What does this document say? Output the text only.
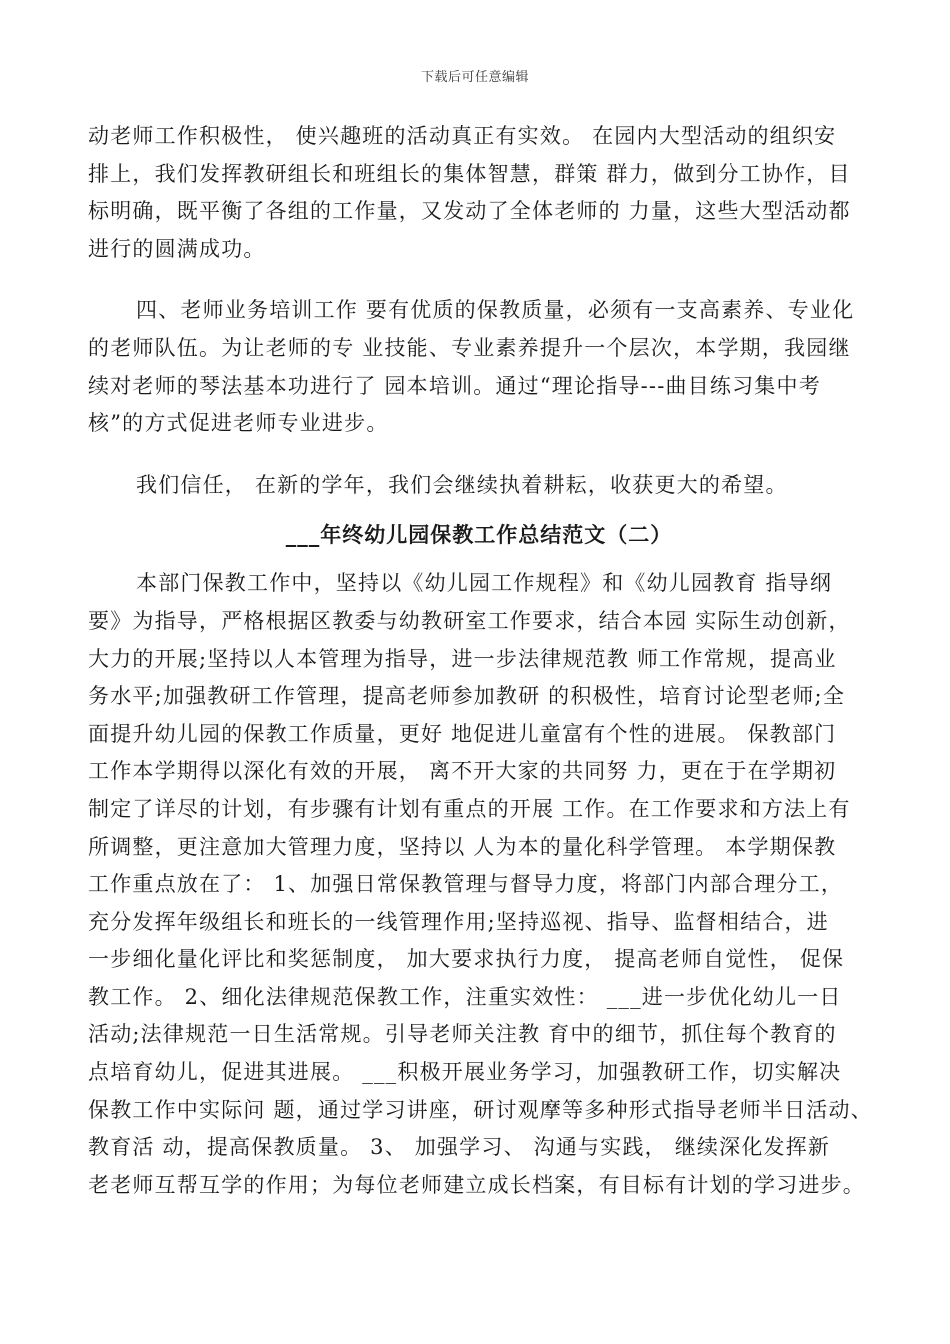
下载后可任意编辑
动老师工作积极性， 使兴趣班的活动真正有实效。 在园内大型活动的组织安
排上，我们发挥教研组长和班组长的集体智慧，群策 群力，做到分工协作，目
标明确，既平衡了各组的工作量，又发动了全体老师的 力量，这些大型活动都
进行的圆满成功。
四、老师业务培训工作 要有优质的保教质量，必须有一支高素养、专业化
的老师队伍。为让老师的专 业技能、专业素养提升一个层次，本学期，我园继
续对老师的琴法基本功进行了 园本培训。通过“理论指导---曲目练习集中考
核”的方式促进老师专业进步。
我们信任， 在新的学年，我们会继续执着耕耘，收获更大的希望。
___年终幼儿园保教工作总结范文（二）
本部门保教工作中，坚持以《幼儿园工作规程》和《幼儿园教育 指导纲
要》为指导，严格根据区教委与幼教研室工作要求，结合本园 实际生动创新，
大力的开展;坚持以人本管理为指导，进一步法律规范教 师工作常规，提高业
务水平;加强教研工作管理，提高老师参加教研 的积极性，培育讨论型老师;全
面提升幼儿园的保教工作质量，更好 地促进儿童富有个性的进展。 保教部门
工作本学期得以深化有效的开展， 离不开大家的共同努 力，更在于在学期初
制定了详尽的计划，有步骤有计划有重点的开展 工作。在工作要求和方法上有
所调整，更注意加大管理力度，坚持以 人为本的量化科学管理。 本学期保教
工作重点放在了： 1、加强日常保教管理与督导力度，将部门内部合理分工，
充分发挥年级组长和班长的一线管理作用;坚持巡视、指导、监督相结合，进
一步细化量化评比和奖惩制度， 加大要求执行力度， 提高老师自觉性， 促保
教工作。 2、细化法律规范保教工作，注重实效性： ___进一步优化幼儿一日
活动;法律规范一日生活常规。引导老师关注教 育中的细节，抓住每个教育的
点培育幼儿，促进其进展。 ___积极开展业务学习，加强教研工作，切实解决
保教工作中实际问 题，通过学习讲座，研讨观摩等多种形式指导老师半日活动、
教育活 动，提高保教质量。 3、 加强学习、 沟通与实践， 继续深化发挥新
老老师互帮互学的作用；为每位老师建立成长档案，有目标有计划的学习进步。
